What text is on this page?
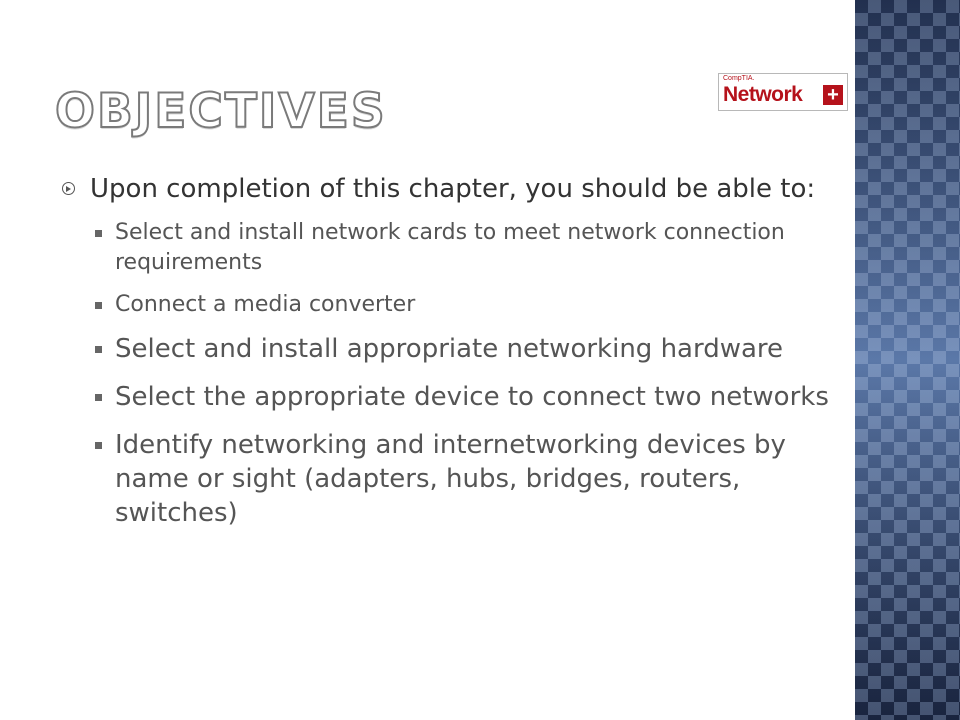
OBJECTIVES
CompTIA.
Network +
Upon completion of this chapter, you should be able to:
Select and install network cards to meet network connection requirements
Connect a media converter
Select and install appropriate networking hardware
Select the appropriate device to connect two networks
Identify networking and internetworking devices by name or sight (adapters, hubs, bridges, routers, switches)
